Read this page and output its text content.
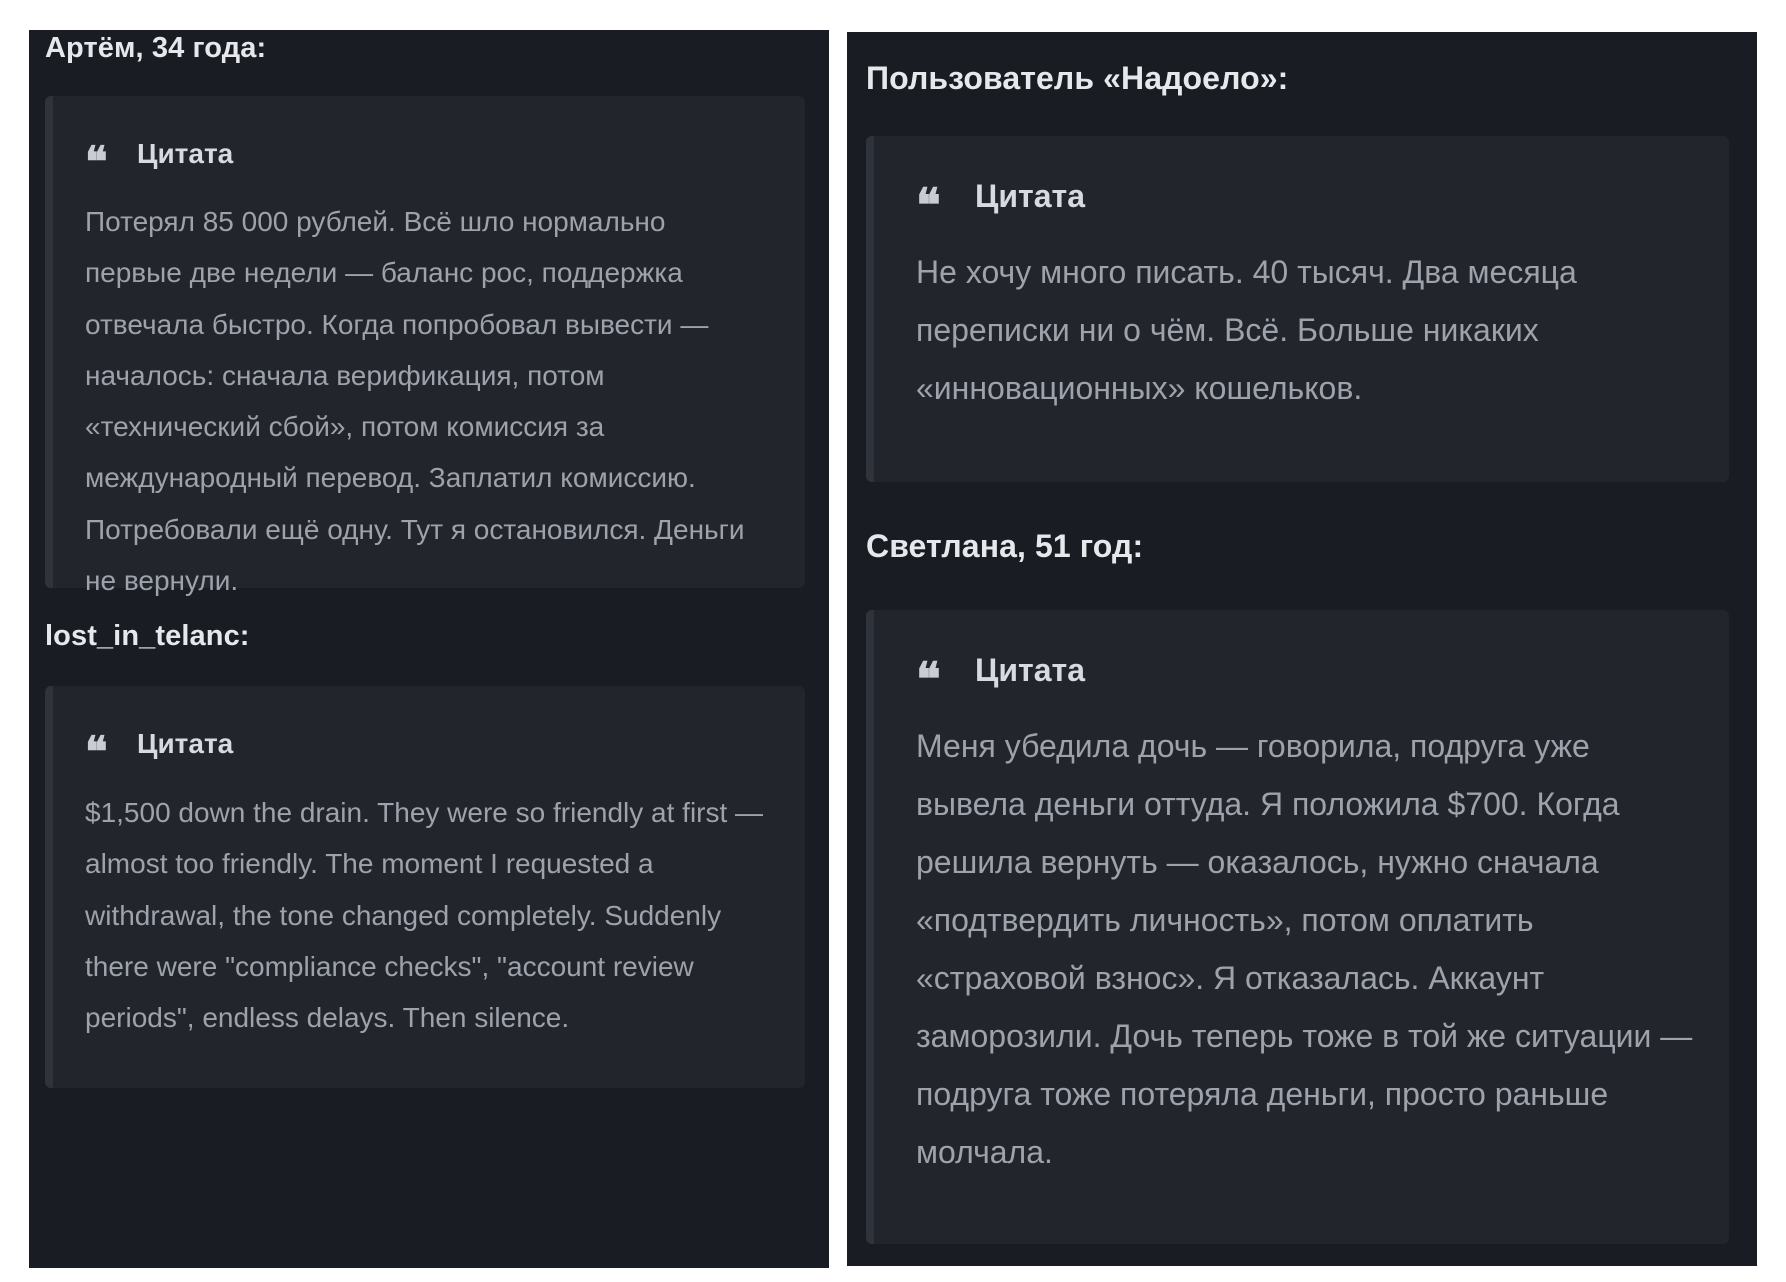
Артём, 34 года:

❝	Цитата

Потерял 85 000 рублей. Всё шло нормально первые две недели — баланс рос, поддержка отвечала быстро. Когда попробовал вывести — началось: сначала верификация, потом «технический сбой», потом комиссия за международный перевод. Заплатил комиссию. Потребовали ещё одну. Тут я остановился. Деньги не вернули.

lost_in_telanc:

❝	Цитата

$1,500 down the drain. They were so friendly at first — almost too friendly. The moment I requested a withdrawal, the tone changed completely. Suddenly there were "compliance checks", "account review periods", endless delays. Then silence.

Пользователь «Надоело»:

❝	Цитата

Не хочу много писать. 40 тысяч. Два месяца переписки ни о чём. Всё. Больше никаких «инновационных» кошельков.

Светлана, 51 год:

❝	Цитата

Меня убедила дочь — говорила, подруга уже вывела деньги оттуда. Я положила $700. Когда решила вернуть — оказалось, нужно сначала «подтвердить личность», потом оплатить «страховой взнос». Я отказалась. Аккаунт заморозили. Дочь теперь тоже в той же ситуации — подруга тоже потеряла деньги, просто раньше молчала.
